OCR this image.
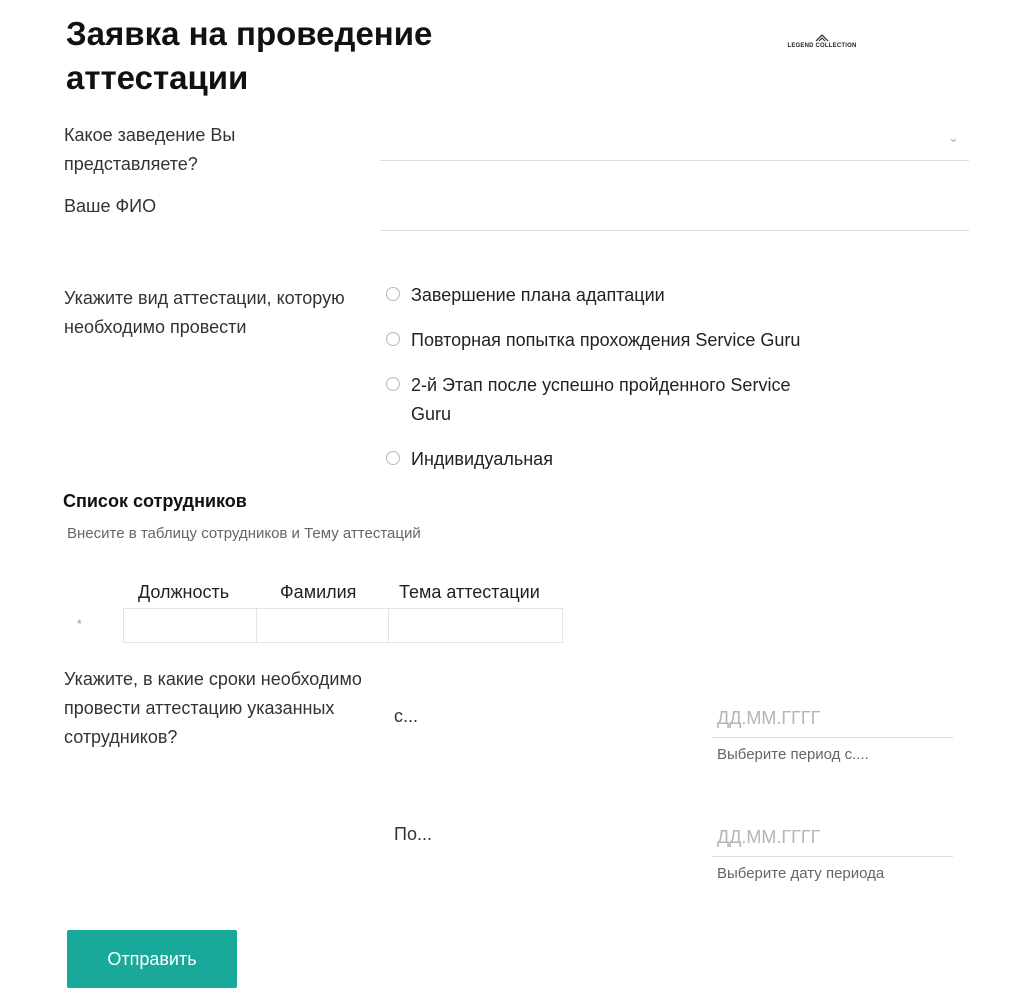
Заявка на проведение аттестации
LEGEND COLLECTION
Какое заведение Вы представляете?
⌄
Ваше ФИО
Укажите вид аттестации, которую необходимо провести
Завершение плана адаптации
Повторная попытка прохождения Service Guru
2-й Этап после успешно пройденного Service Guru
Индивидуальная
Список сотрудников
Внесите в таблицу сотрудников и Тему аттестаций
Должность	Фамилия Тема аттестации
*
Укажите, в какие сроки необходимо провести аттестацию указанных сотрудников?
с...
ДД.ММ.ГГГГ
Выберите период с....
По...
ДД.ММ.ГГГГ
Выберите дату периода
Отправить
